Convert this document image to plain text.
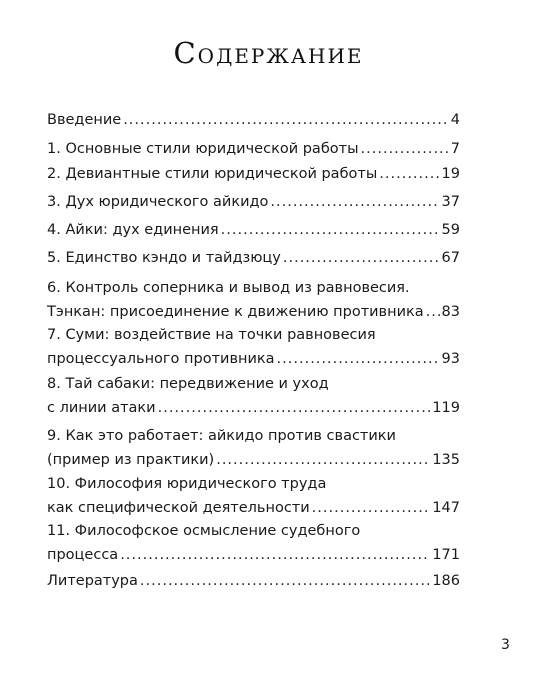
Содержание
Введение .....	4
1. Основные стили юридической работы .....	7
2. Девиантные стили юридической работы .....	19
3. Дух юридического айкидо .....	37
4. Айки: дух единения .....	59
5. Единство кэндо и тайдзюцу .....	67
6. Контроль соперника и вывод из равновесия.
Тэнкан: присоединение к движению противника ..... 83
7. Суми: воздействие на точки равновесия
процессуального противника .....	93
8. Тай сабаки: передвижение и уход
с линии атаки .....	119
9. Как это работает: айкидо против свастики
(пример из практики) .....	135
10. Философия юридического труда
как специфической деятельности .....	147
11. Философское осмысление судебного
процесса .....	171
Литература .....	186
3
